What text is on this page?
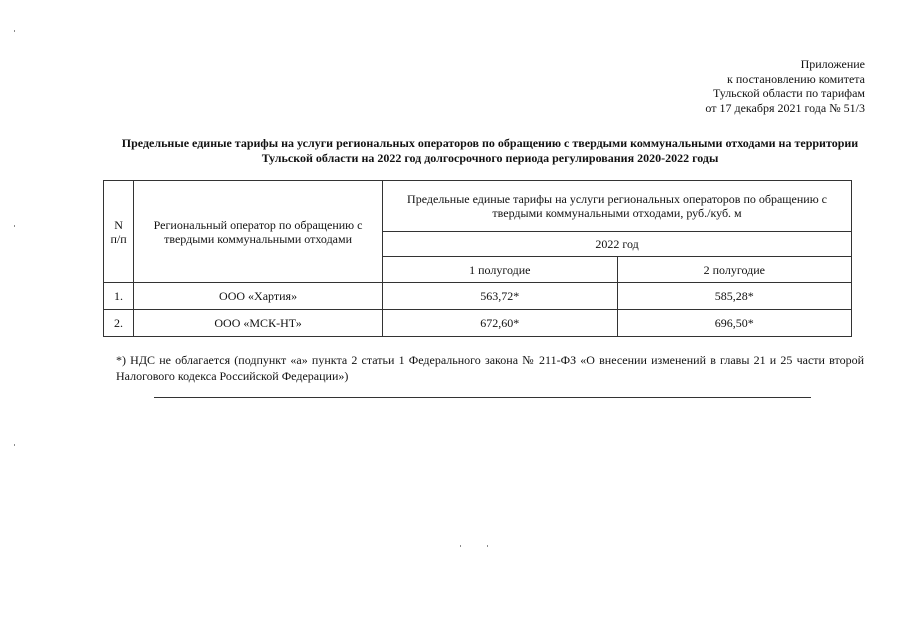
Приложение
к постановлению комитета
Тульской области по тарифам
от 17 декабря 2021 года № 51/3
Предельные единые тарифы на услуги региональных операторов по обращению с твердыми коммунальными отходами на территории Тульской области на 2022 год долгосрочного периода регулирования 2020-2022 годы
N п/п	Региональный оператор по обращению с твердыми коммунальными отходами	Предельные единые тарифы на услуги региональных операторов по обращению с твердыми коммунальными отходами, руб./куб. м	
		2022 год	
		1 полугодие	2 полугодие
1.	ООО «Хартия»	563,72*	585,28*
2.	ООО «МСК-НТ»	672,60*	696,50*
*) НДС не облагается (подпункт «а» пункта 2 статьи 1 Федерального закона № 211-ФЗ «О внесении изменений в главы 21 и 25 части второй Налогового кодекса Российской Федерации»)
